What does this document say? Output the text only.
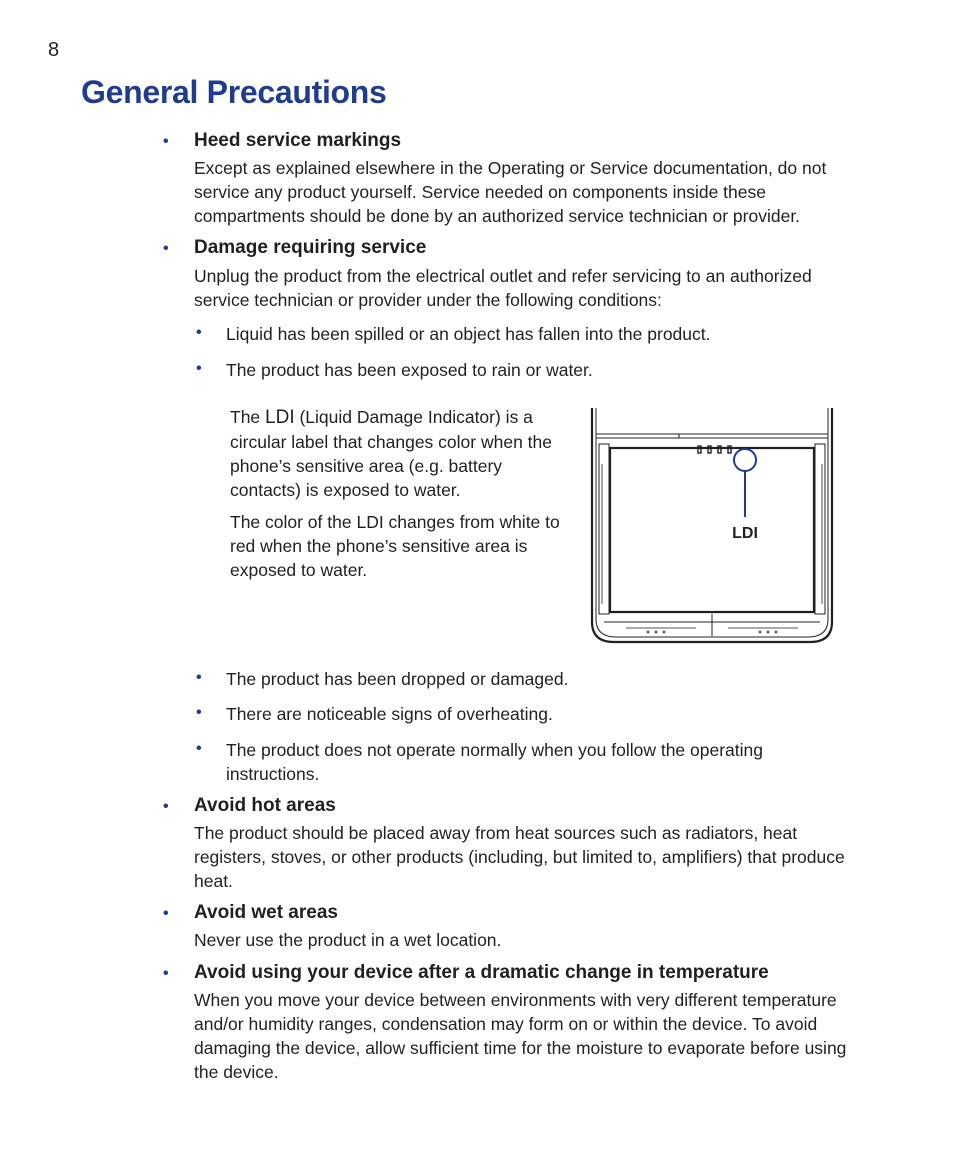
8
General Precautions
• Heed service markings
Except as explained elsewhere in the Operating or Service documentation, do not service any product yourself. Service needed on components inside these compartments should be done by an authorized service technician or provider.
• Damage requiring service
Unplug the product from the electrical outlet and refer servicing to an authorized service technician or provider under the following conditions:
• Liquid has been spilled or an object has fallen into the product.
• The product has been exposed to rain or water.
The LDI (Liquid Damage Indicator) is a circular label that changes color when the phone’s sensitive area (e.g. battery contacts) is exposed to water.
The color of the LDI changes from white to red when the phone’s sensitive area is exposed to water.
LDI
• The product has been dropped or damaged.
• There are noticeable signs of overheating.
• The product does not operate normally when you follow the operating instructions.
• Avoid hot areas
The product should be placed away from heat sources such as radiators, heat registers, stoves, or other products (including, but limited to, amplifiers) that produce heat.
• Avoid wet areas
Never use the product in a wet location.
• Avoid using your device after a dramatic change in temperature
When you move your device between environments with very different temperature and/or humidity ranges, condensation may form on or within the device. To avoid damaging the device, allow sufficient time for the moisture to evaporate before using the device.
